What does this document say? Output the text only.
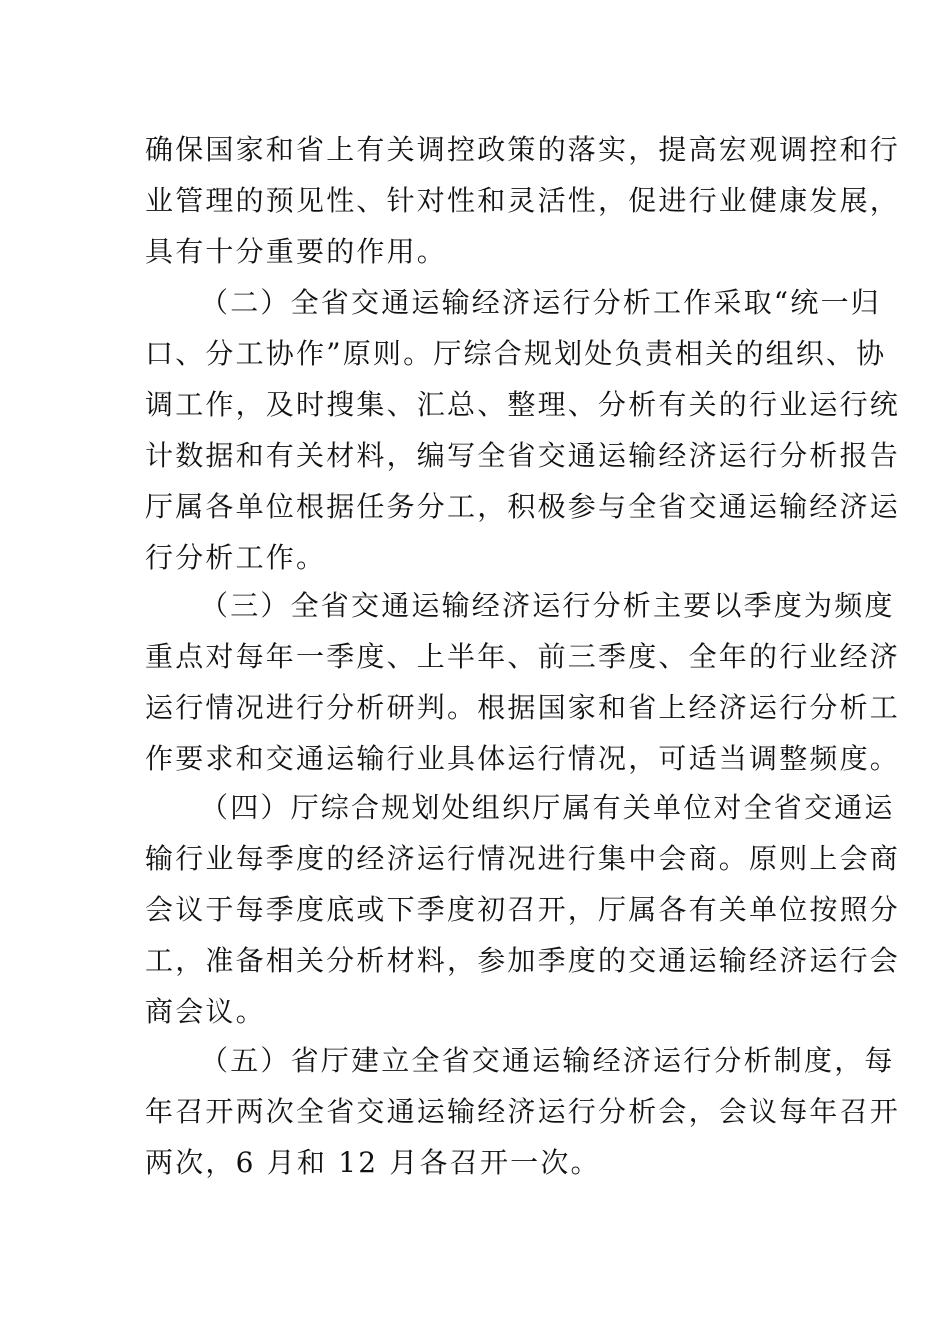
确保国家和省上有关调控政策的落实，提高宏观调控和行
业管理的预见性、针对性和灵活性，促进行业健康发展，
具有十分重要的作用。
（二）全省交通运输经济运行分析工作采取“统一归
口、分工协作”原则。厅综合规划处负责相关的组织、协
调工作，及时搜集、汇总、整理、分析有关的行业运行统
计数据和有关材料，编写全省交通运输经济运行分析报告
厅属各单位根据任务分工，积极参与全省交通运输经济运
行分析工作。
（三）全省交通运输经济运行分析主要以季度为频度
重点对每年一季度、上半年、前三季度、全年的行业经济
运行情况进行分析研判。根据国家和省上经济运行分析工
作要求和交通运输行业具体运行情况，可适当调整频度。
（四）厅综合规划处组织厅属有关单位对全省交通运
输行业每季度的经济运行情况进行集中会商。原则上会商
会议于每季度底或下季度初召开，厅属各有关单位按照分
工，准备相关分析材料，参加季度的交通运输经济运行会
商会议。
（五）省厅建立全省交通运输经济运行分析制度，每
年召开两次全省交通运输经济运行分析会，会议每年召开
两次，6 月和 12 月各召开一次。
